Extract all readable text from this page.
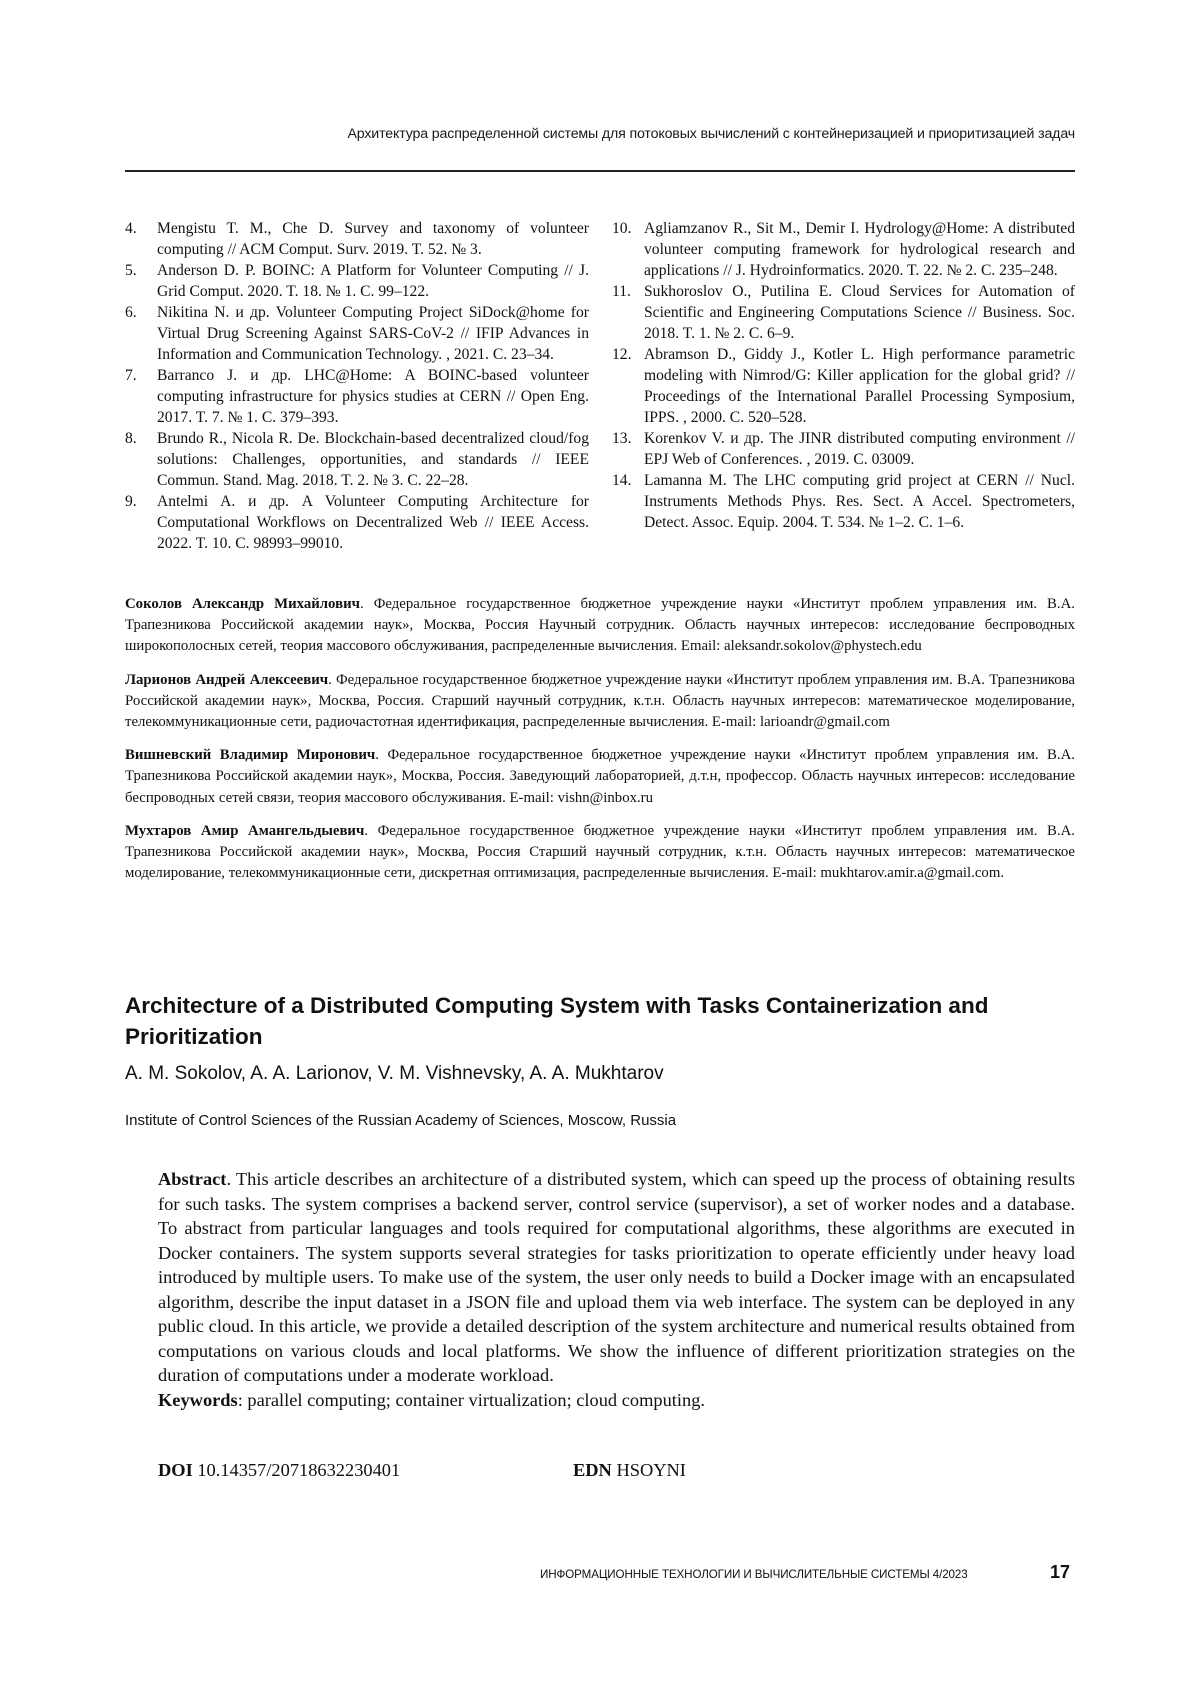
Архитектура распределенной системы для потоковых вычислений с контейнеризацией и приоритизацией задач
4.	Mengistu T. M., Che D. Survey and taxonomy of volunteer computing // ACM Comput. Surv. 2019. T. 52. № 3.
5.	Anderson D. P. BOINC: A Platform for Volunteer Computing // J. Grid Comput. 2020. T. 18. № 1. C. 99–122.
6.	Nikitina N. и др. Volunteer Computing Project SiDock@home for Virtual Drug Screening Against SARS-CoV-2 // IFIP Advances in Information and Communication Technology. , 2021. C. 23–34.
7.	Barranco J. и др. LHC@Home: A BOINC-based volunteer computing infrastructure for physics studies at CERN // Open Eng. 2017. T. 7. № 1. C. 379–393.
8.	Brundo R., Nicola R. De. Blockchain-based decentralized cloud/fog solutions: Challenges, opportunities, and standards // IEEE Commun. Stand. Mag. 2018. T. 2. № 3. C. 22–28.
9.	Antelmi A. и др. A Volunteer Computing Architecture for Computational Workflows on Decentralized Web // IEEE Access. 2022. T. 10. C. 98993–99010.
10. Agliamzanov R., Sit M., Demir I. Hydrology@Home: A distributed volunteer computing framework for hydrological research and applications // J. Hydroinformatics. 2020. T. 22. № 2. C. 235–248.
11. Sukhoroslov O., Putilina E. Cloud Services for Automation of Scientific and Engineering Computations Science // Business. Soc. 2018. T. 1. № 2. C. 6–9.
12. Abramson D., Giddy J., Kotler L. High performance parametric modeling with Nimrod/G: Killer application for the global grid? // Proceedings of the International Parallel Processing Symposium, IPPS. , 2000. C. 520–528.
13. Korenkov V. и др. The JINR distributed computing environment // EPJ Web of Conferences. , 2019. C. 03009.
14. Lamanna M. The LHC computing grid project at CERN // Nucl. Instruments Methods Phys. Res. Sect. A Accel. Spectrometers, Detect. Assoc. Equip. 2004. T. 534. № 1–2. C. 1–6.
Соколов Александр Михайлович. Федеральное государственное бюджетное учреждение науки «Институт проблем управления им. В.А. Трапезникова Российской академии наук», Москва, Россия Научный сотрудник. Область научных интересов: исследование беспроводных широкополосных сетей, теория массового обслуживания, распределенные вычисления. Email: aleksandr.sokolov@phystech.edu
Ларионов Андрей Алексеевич. Федеральное государственное бюджетное учреждение науки «Институт проблем управления им. В.А. Трапезникова Российской академии наук», Москва, Россия. Старший научный сотрудник, к.т.н. Область научных интересов: математическое моделирование, телекоммуникационные сети, радиочастотная идентификация, распределенные вычисления. E-mail: larioandr@gmail.com
Вишневский Владимир Миронович. Федеральное государственное бюджетное учреждение науки «Институт проблем управления им. В.А. Трапезникова Российской академии наук», Москва, Россия. Заведующий лабораторией, д.т.н, профессор. Область научных интересов: исследование беспроводных сетей связи, теория массового обслуживания. E-mail: vishn@inbox.ru
Мухтаров Амир Амангельдыевич. Федеральное государственное бюджетное учреждение науки «Институт проблем управления им. В.А. Трапезникова Российской академии наук», Москва, Россия Старший научный сотрудник, к.т.н. Область научных интересов: математическое моделирование, телекоммуникационные сети, дискретная оптимизация, распределенные вычисления. E-mail: mukhtarov.amir.a@gmail.com.
Architecture of a Distributed Computing System with Tasks Containerization and Prioritization
A. M. Sokolov, A. A. Larionov, V. M. Vishnevsky, A. A. Mukhtarov
Institute of Control Sciences of the Russian Academy of Sciences, Moscow, Russia
Abstract. This article describes an architecture of a distributed system, which can speed up the process of obtaining results for such tasks. The system comprises a backend server, control service (supervisor), a set of worker nodes and a database. To abstract from particular languages and tools required for computational algorithms, these algorithms are executed in Docker containers. The system supports several strategies for tasks prioritization to operate efficiently under heavy load introduced by multiple users. To make use of the system, the user only needs to build a Docker image with an encapsulated algorithm, describe the input dataset in a JSON file and upload them via web interface. The system can be deployed in any public cloud. In this article, we provide a detailed description of the system architecture and numerical results obtained from computations on various clouds and local platforms. We show the influence of different prioritization strategies on the duration of computations under a moderate workload.
Keywords: parallel computing; container virtualization; cloud computing.
DOI 10.14357/20718632230401	EDN HSOYNI
ИНФОРМАЦИОННЫЕ ТЕХНОЛОГИИ И ВЫЧИСЛИТЕЛЬНЫЕ СИСТЕМЫ 4/2023	17
